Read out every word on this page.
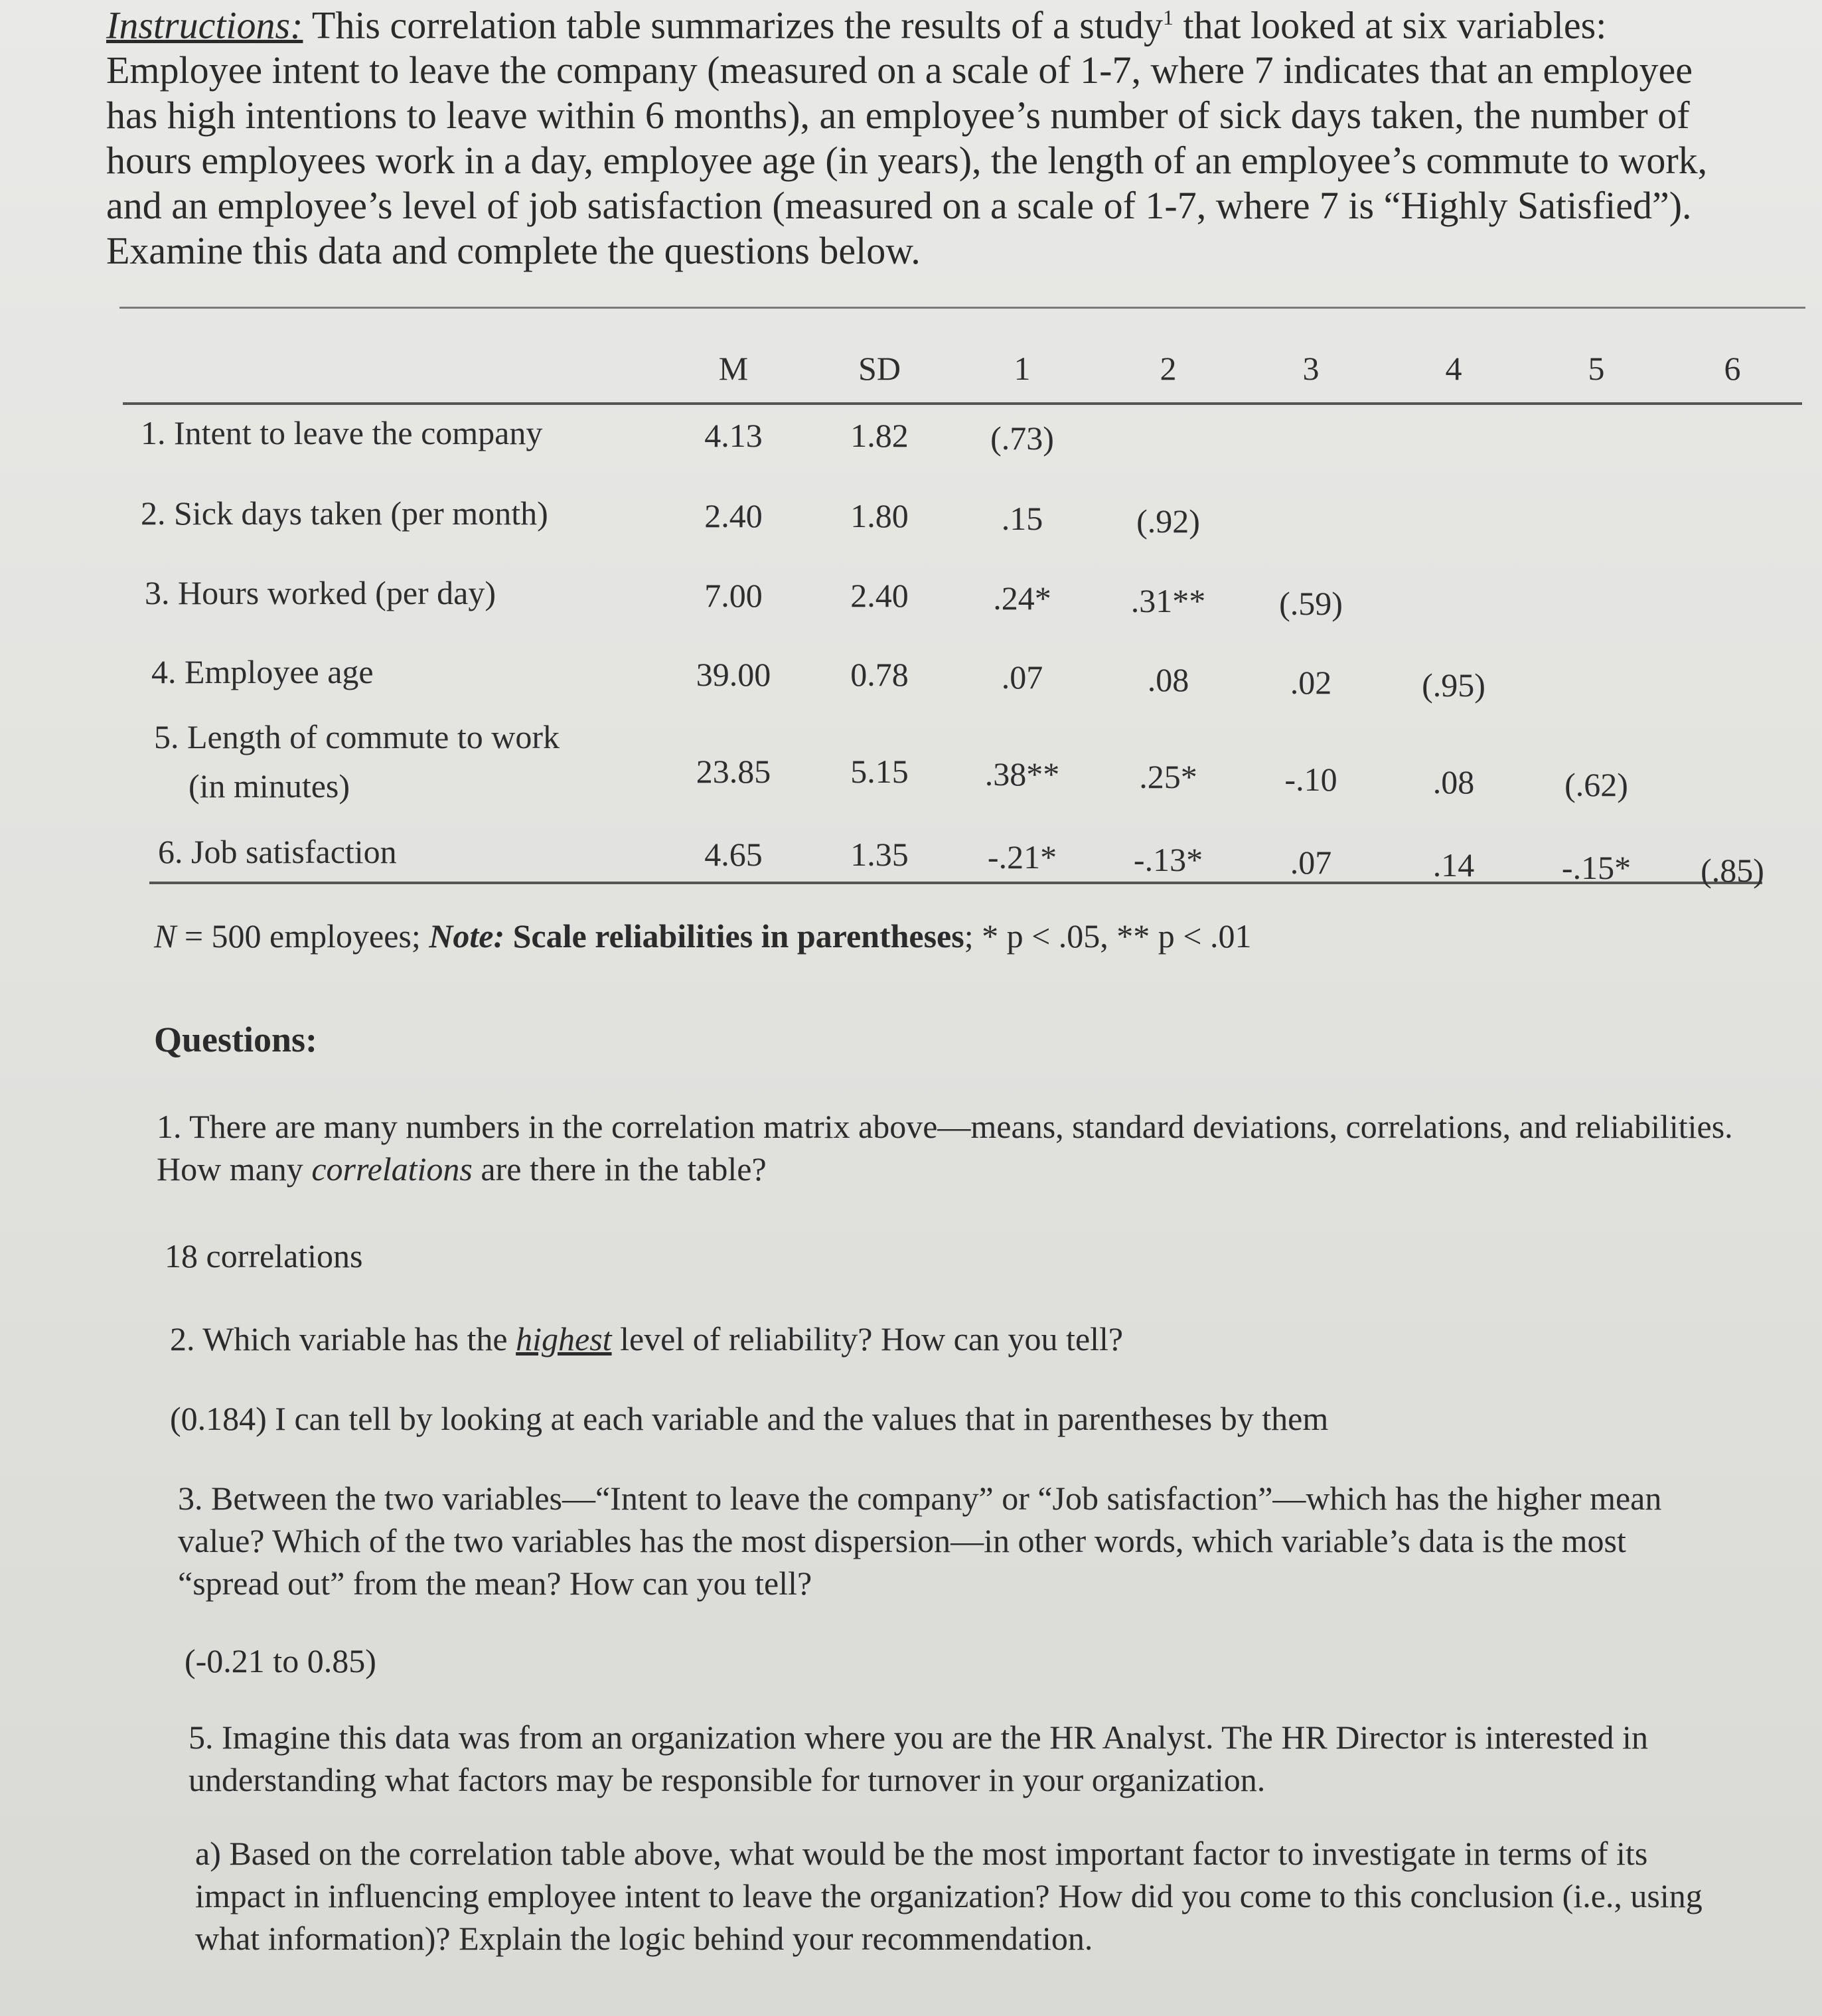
Instructions: This correlation table summarizes the results of a study$^1$ that looked at six variables: Employee intent to leave the company (measured on a scale of 1-7, where 7 indicates that an employee has high intentions to leave within 6 months), an employee’s number of sick days taken, the number of hours employees work in a day, employee age (in years), the length of an employee’s commute to work, and an employee’s level of job satisfaction (measured on a scale of 1-7, where 7 is “Highly Satisfied”). Examine this data and complete the questions below.
M	SD	1	2	3	4	5	6
1. Intent to leave the company	4.13	1.82	(.73)
2. Sick days taken (per month)	2.40	1.80	.15	(.92)
3. Hours worked (per day)	7.00	2.40	.24*	.31**	(.59)
4. Employee age	39.00	0.78	.07	.08	.02	(.95)
5. Length of commute to work
(in minutes)	23.85	5.15	.38**	.25*	-.10	.08	(.62)
6. Job satisfaction	4.65	1.35	-.21*	-.13*	.07	.14	-.15*	(.85)
N = 500 employees; Note: Scale reliabilities in parentheses; * p < .05, ** p < .01
Questions:
1. There are many numbers in the correlation matrix above—means, standard deviations, correlations, and reliabilities. How many correlations are there in the table?
18 correlations
2. Which variable has the highest level of reliability? How can you tell?
(0.184) I can tell by looking at each variable and the values that in parentheses by them
3. Between the two variables—“Intent to leave the company” or “Job satisfaction”—which has the higher mean value? Which of the two variables has the most dispersion—in other words, which variable’s data is the most “spread out” from the mean? How can you tell?
(-0.21 to 0.85)
5. Imagine this data was from an organization where you are the HR Analyst. The HR Director is interested in understanding what factors may be responsible for turnover in your organization.
a) Based on the correlation table above, what would be the most important factor to investigate in terms of its impact in influencing employee intent to leave the organization? How did you come to this conclusion (i.e., using what information)? Explain the logic behind your recommendation.
